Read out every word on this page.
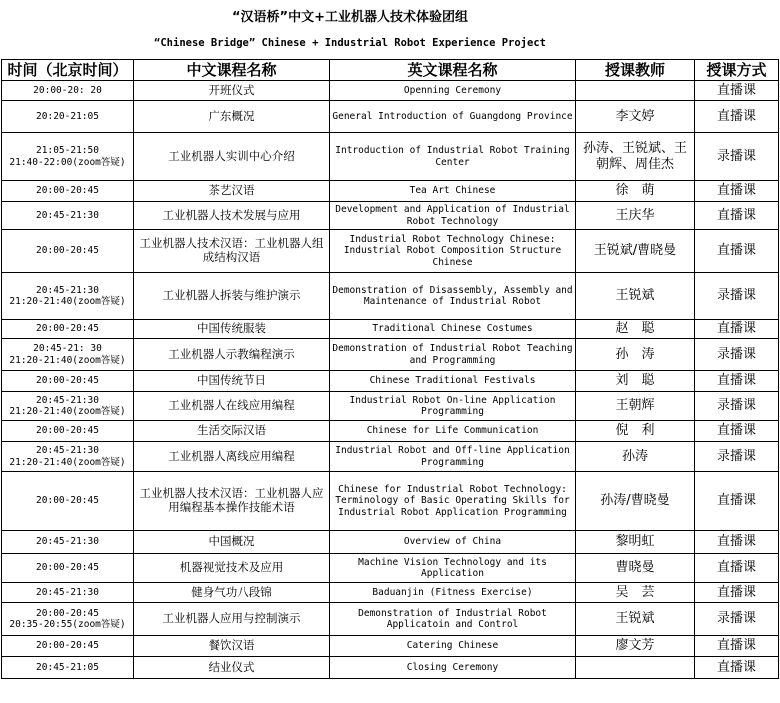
“汉语桥”中文+工业机器人技术体验团组
“Chinese Bridge” Chinese + Industrial Robot Experience Project
时间（北京时间）	中文课程名称	英文课程名称	授课教师	授课方式

20:00-20: 20	开班仪式	Openning Ceremony		直播课

20:20-21:05	广东概况	General Introduction of Guangdong Province	李文婷	直播课

21:05-21:50
21:40-22:00(zoom答疑)	工业机器人实训中心介绍	Introduction of Industrial Robot Training Center	孙涛、王锐斌、王朝辉、周佳杰	录播课

20:00-20:45	茶艺汉语	Tea Art Chinese	徐　萌	直播课

20:45-21:30	工业机器人技术发展与应用	Development and Application of Industrial Robot Technology	王庆华	直播课

20:00-20:45	工业机器人技术汉语：工业机器人组成结构汉语	Industrial Robot Technology Chinese: Industrial Robot Composition Structure Chinese	王锐斌/曹晓曼	直播课

20:45-21:30
21:20-21:40(zoom答疑)	工业机器人拆装与维护演示	Demonstration of Disassembly, Assembly and Maintenance of Industrial Robot	王锐斌	录播课

20:00-20:45	中国传统服装	Traditional Chinese Costumes	赵　聪	直播课

20:45-21: 30
21:20-21:40(zoom答疑)	工业机器人示教编程演示	Demonstration of Industrial Robot Teaching and Programming	孙　涛	录播课

20:00-20:45	中国传统节日	Chinese Traditional Festivals	刘　聪	直播课

20:45-21:30
21:20-21:40(zoom答疑)	工业机器人在线应用编程	Industrial Robot On-line Application Programming	王朝辉	录播课

20:00-20:45	生活交际汉语	Chinese for Life Communication	倪　利	直播课

20:45-21:30
21:20-21:40(zoom答疑)	工业机器人离线应用编程	Industrial Robot and Off-line Application Programming	孙涛	录播课

20:00-20:45	工业机器人技术汉语：工业机器人应用编程基本操作技能术语	Chinese for Industrial Robot Technology: Terminology of Basic Operating Skills for Industrial Robot Application Programming	孙涛/曹晓曼	直播课

20:45-21:30	中国概况	Overview of China	黎明虹	直播课

20:00-20:45	机器视觉技术及应用	Machine Vision Technology and its Application	曹晓曼	直播课

20:45-21:30	健身气功八段锦	Baduanjin (Fitness Exercise)	吴　芸	直播课

20:00-20:45
20:35-20:55(zoom答疑)	工业机器人应用与控制演示	Demonstration of Industrial Robot Applicatoin and Control	王锐斌	录播课

20:00-20:45	餐饮汉语	Catering Chinese	廖文芳	直播课

20:45-21:05	结业仪式	Closing Ceremony		直播课
